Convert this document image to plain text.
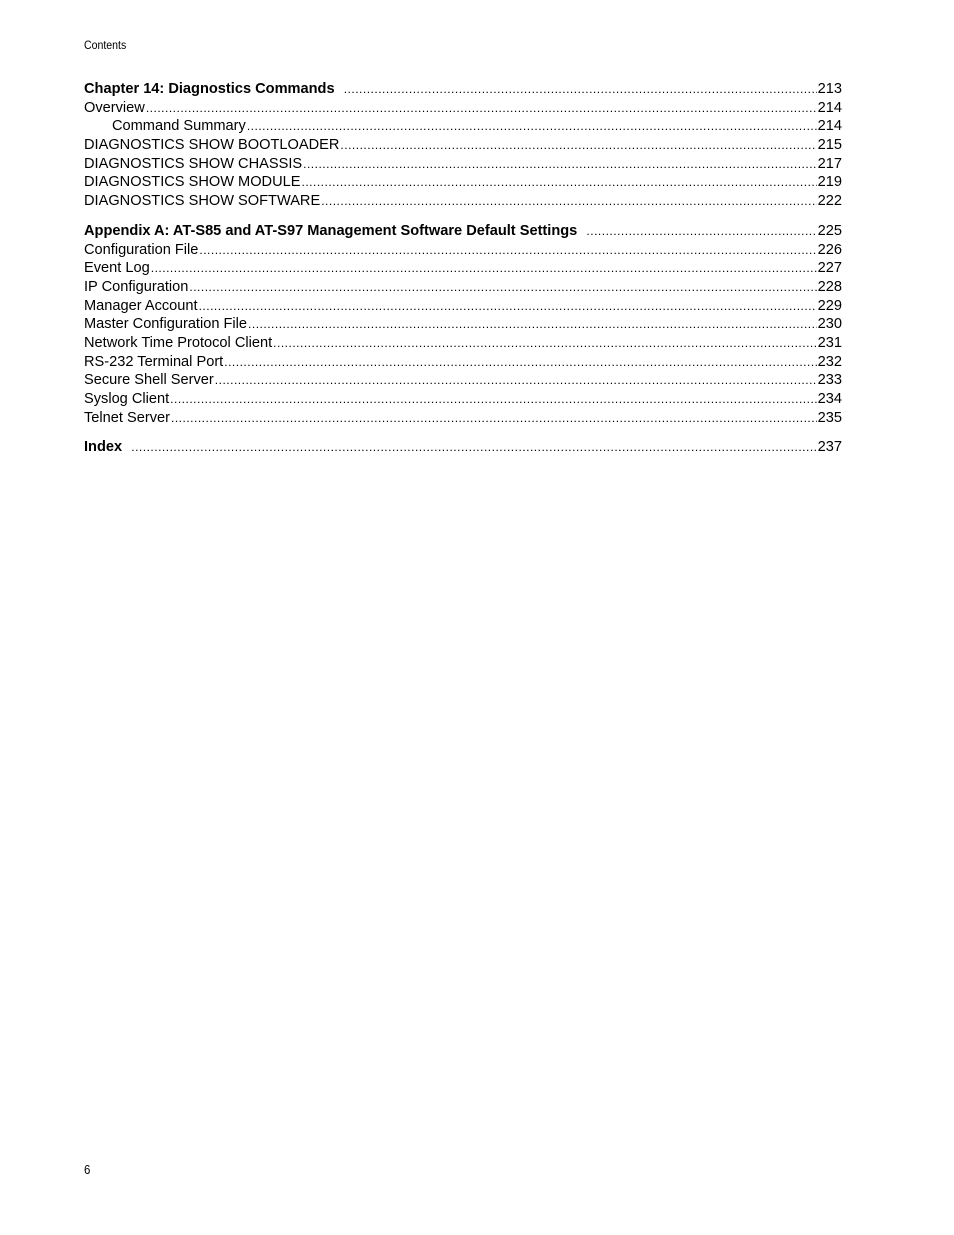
Contents
Chapter 14: Diagnostics Commands .....	213
Overview .....	214
Command Summary .....	214
DIAGNOSTICS SHOW BOOTLOADER .....	215
DIAGNOSTICS SHOW CHASSIS .....	217
DIAGNOSTICS SHOW MODULE .....	219
DIAGNOSTICS SHOW SOFTWARE .....	222
Appendix A: AT-S85 and AT-S97 Management Software Default Settings .....	225
Configuration File .....	226
Event Log .....	227
IP Configuration .....	228
Manager Account .....	229
Master Configuration File .....	230
Network Time Protocol Client .....	231
RS-232 Terminal Port .....	232
Secure Shell Server .....	233
Syslog Client .....	234
Telnet Server .....	235
Index .....	237
6
